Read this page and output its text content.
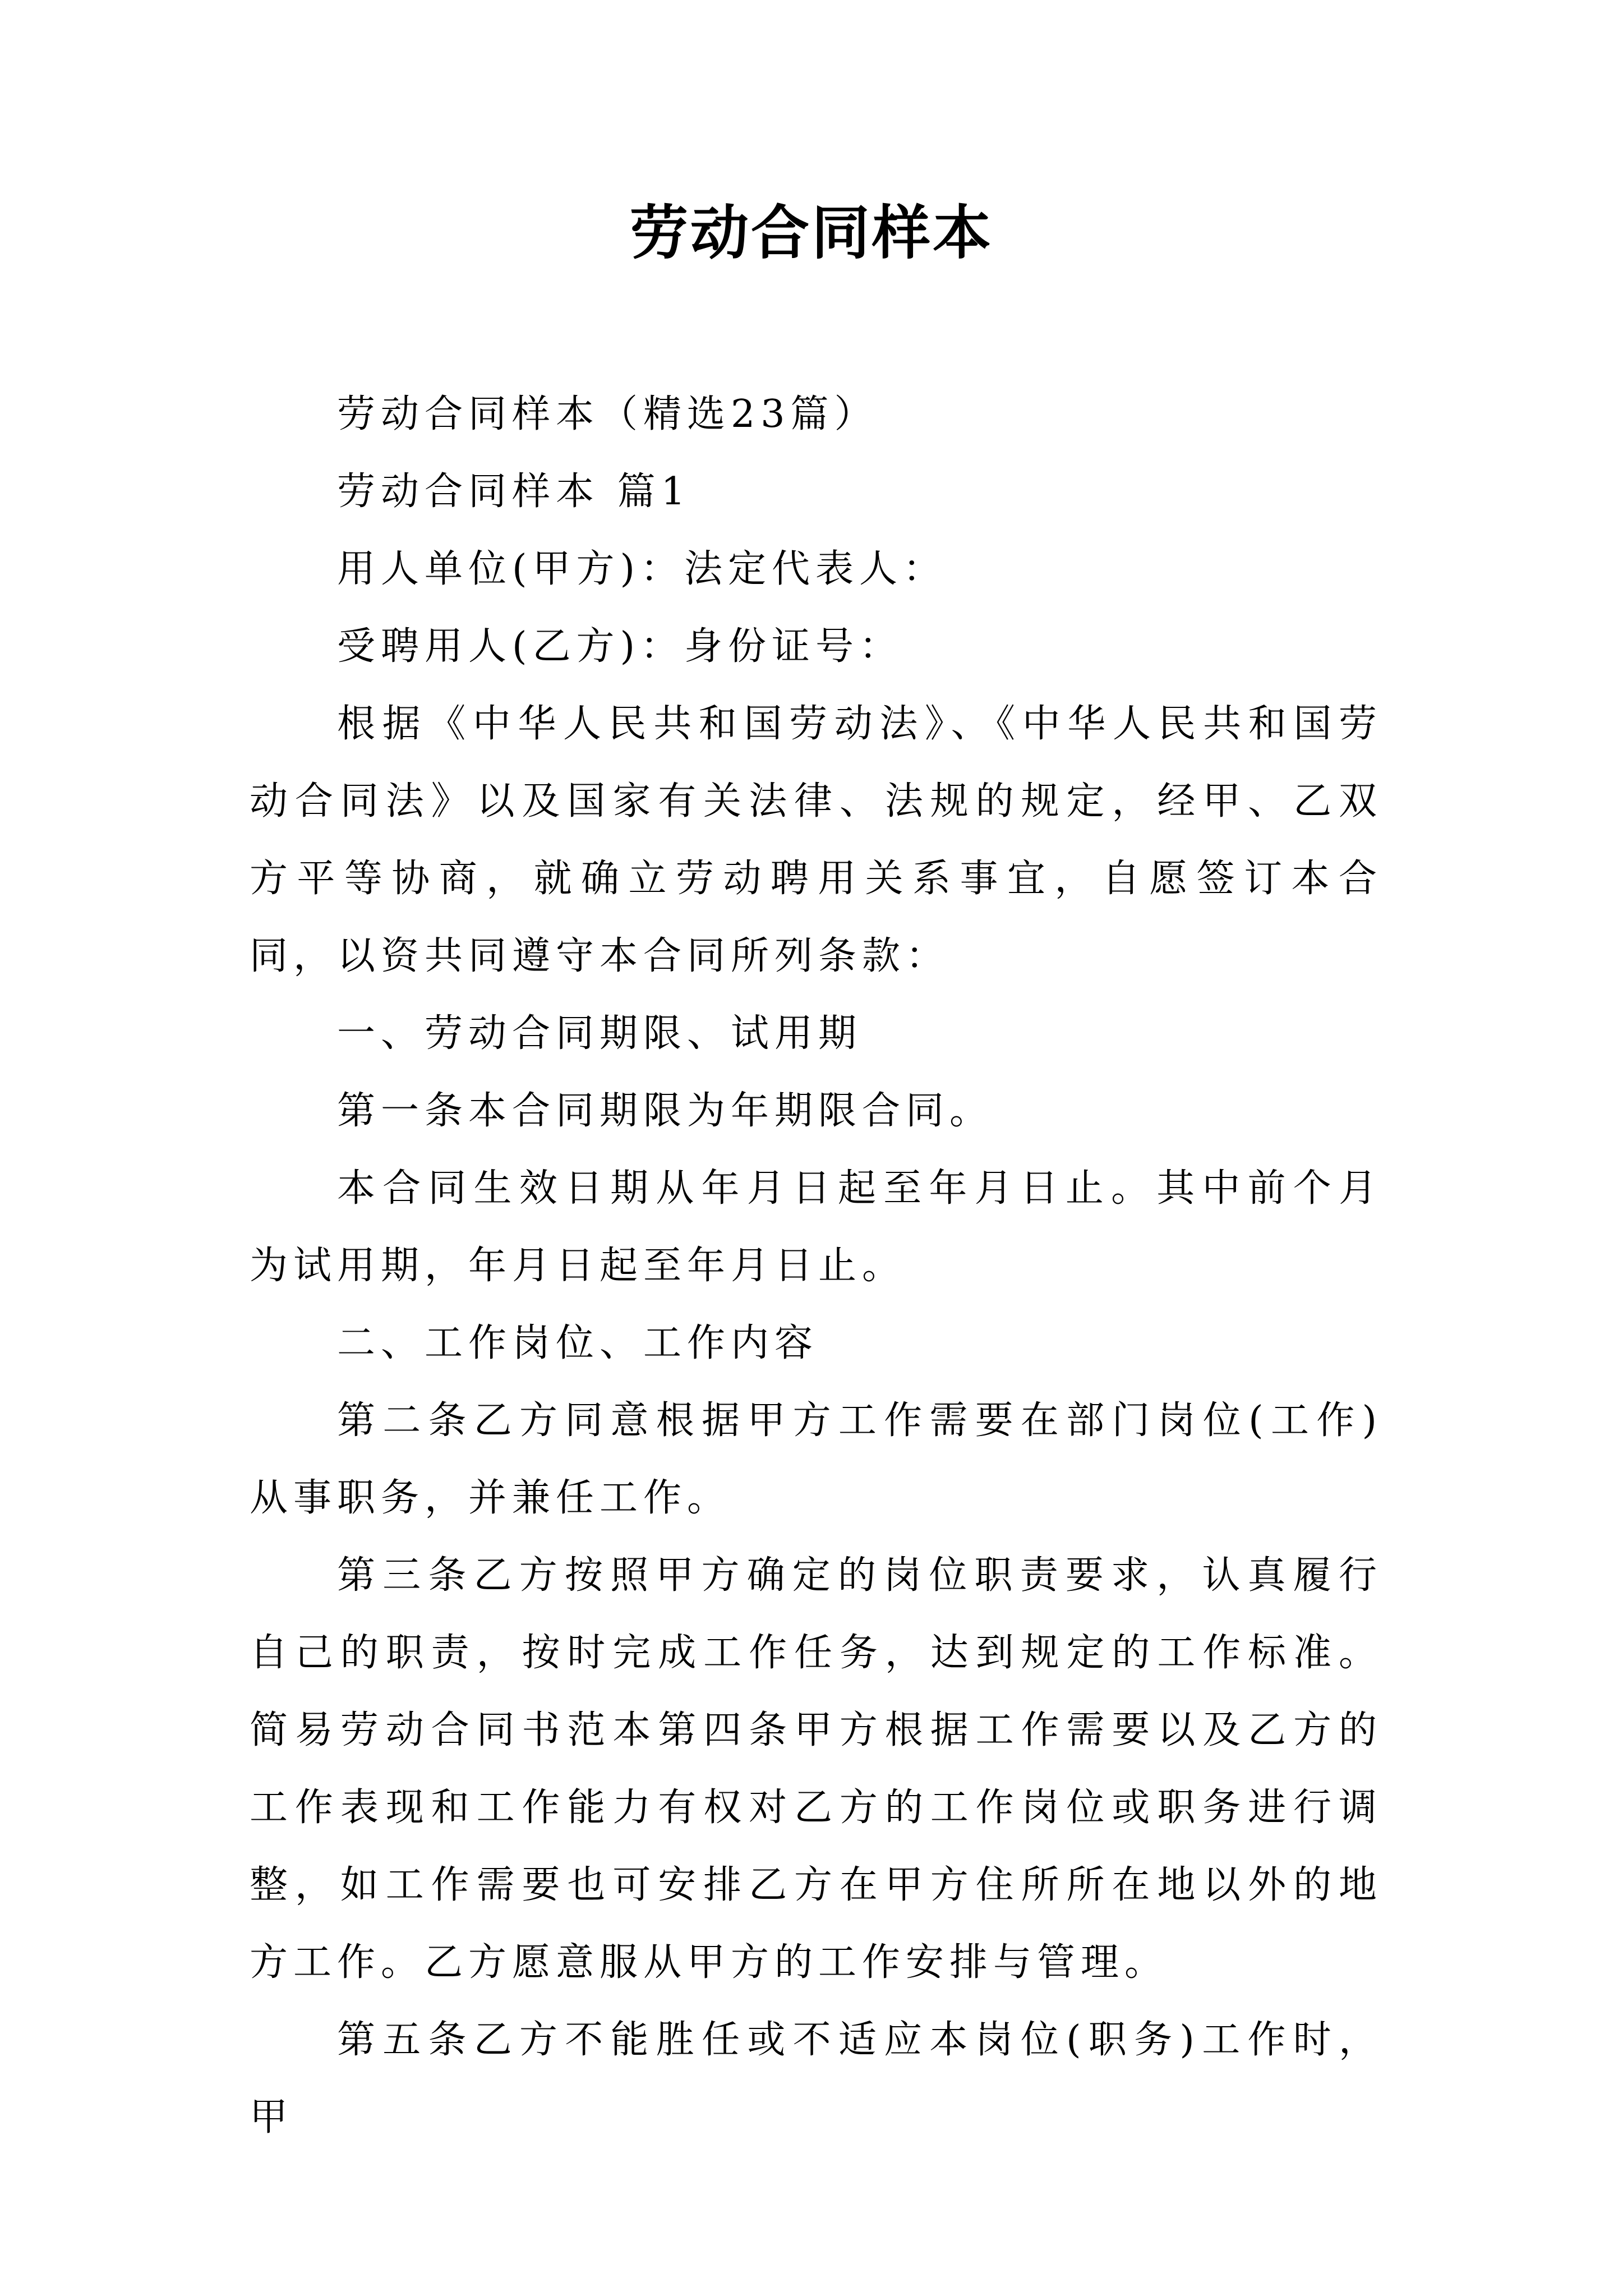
劳动合同样本

劳动合同样本（精选23篇）

劳动合同样本 篇1

用人单位(甲方)：法定代表人：

受聘用人(乙方)：身份证号：

根据《中华人民共和国劳动法》、《中华人民共和国劳动合同法》以及国家有关法律、法规的规定，经甲、乙双方平等协商，就确立劳动聘用关系事宜，自愿签订本合同，以资共同遵守本合同所列条款：

一、劳动合同期限、试用期

第一条本合同期限为年期限合同。

本合同生效日期从年月日起至年月日止。其中前个月为试用期，年月日起至年月日止。

二、工作岗位、工作内容

第二条乙方同意根据甲方工作需要在部门岗位(工作)从事职务，并兼任工作。

第三条乙方按照甲方确定的岗位职责要求，认真履行自己的职责，按时完成工作任务，达到规定的工作标准。简易劳动合同书范本第四条甲方根据工作需要以及乙方的工作表现和工作能力有权对乙方的工作岗位或职务进行调整，如工作需要也可安排乙方在甲方住所所在地以外的地方工作。乙方愿意服从甲方的工作安排与管理。

第五条乙方不能胜任或不适应本岗位(职务)工作时，甲
